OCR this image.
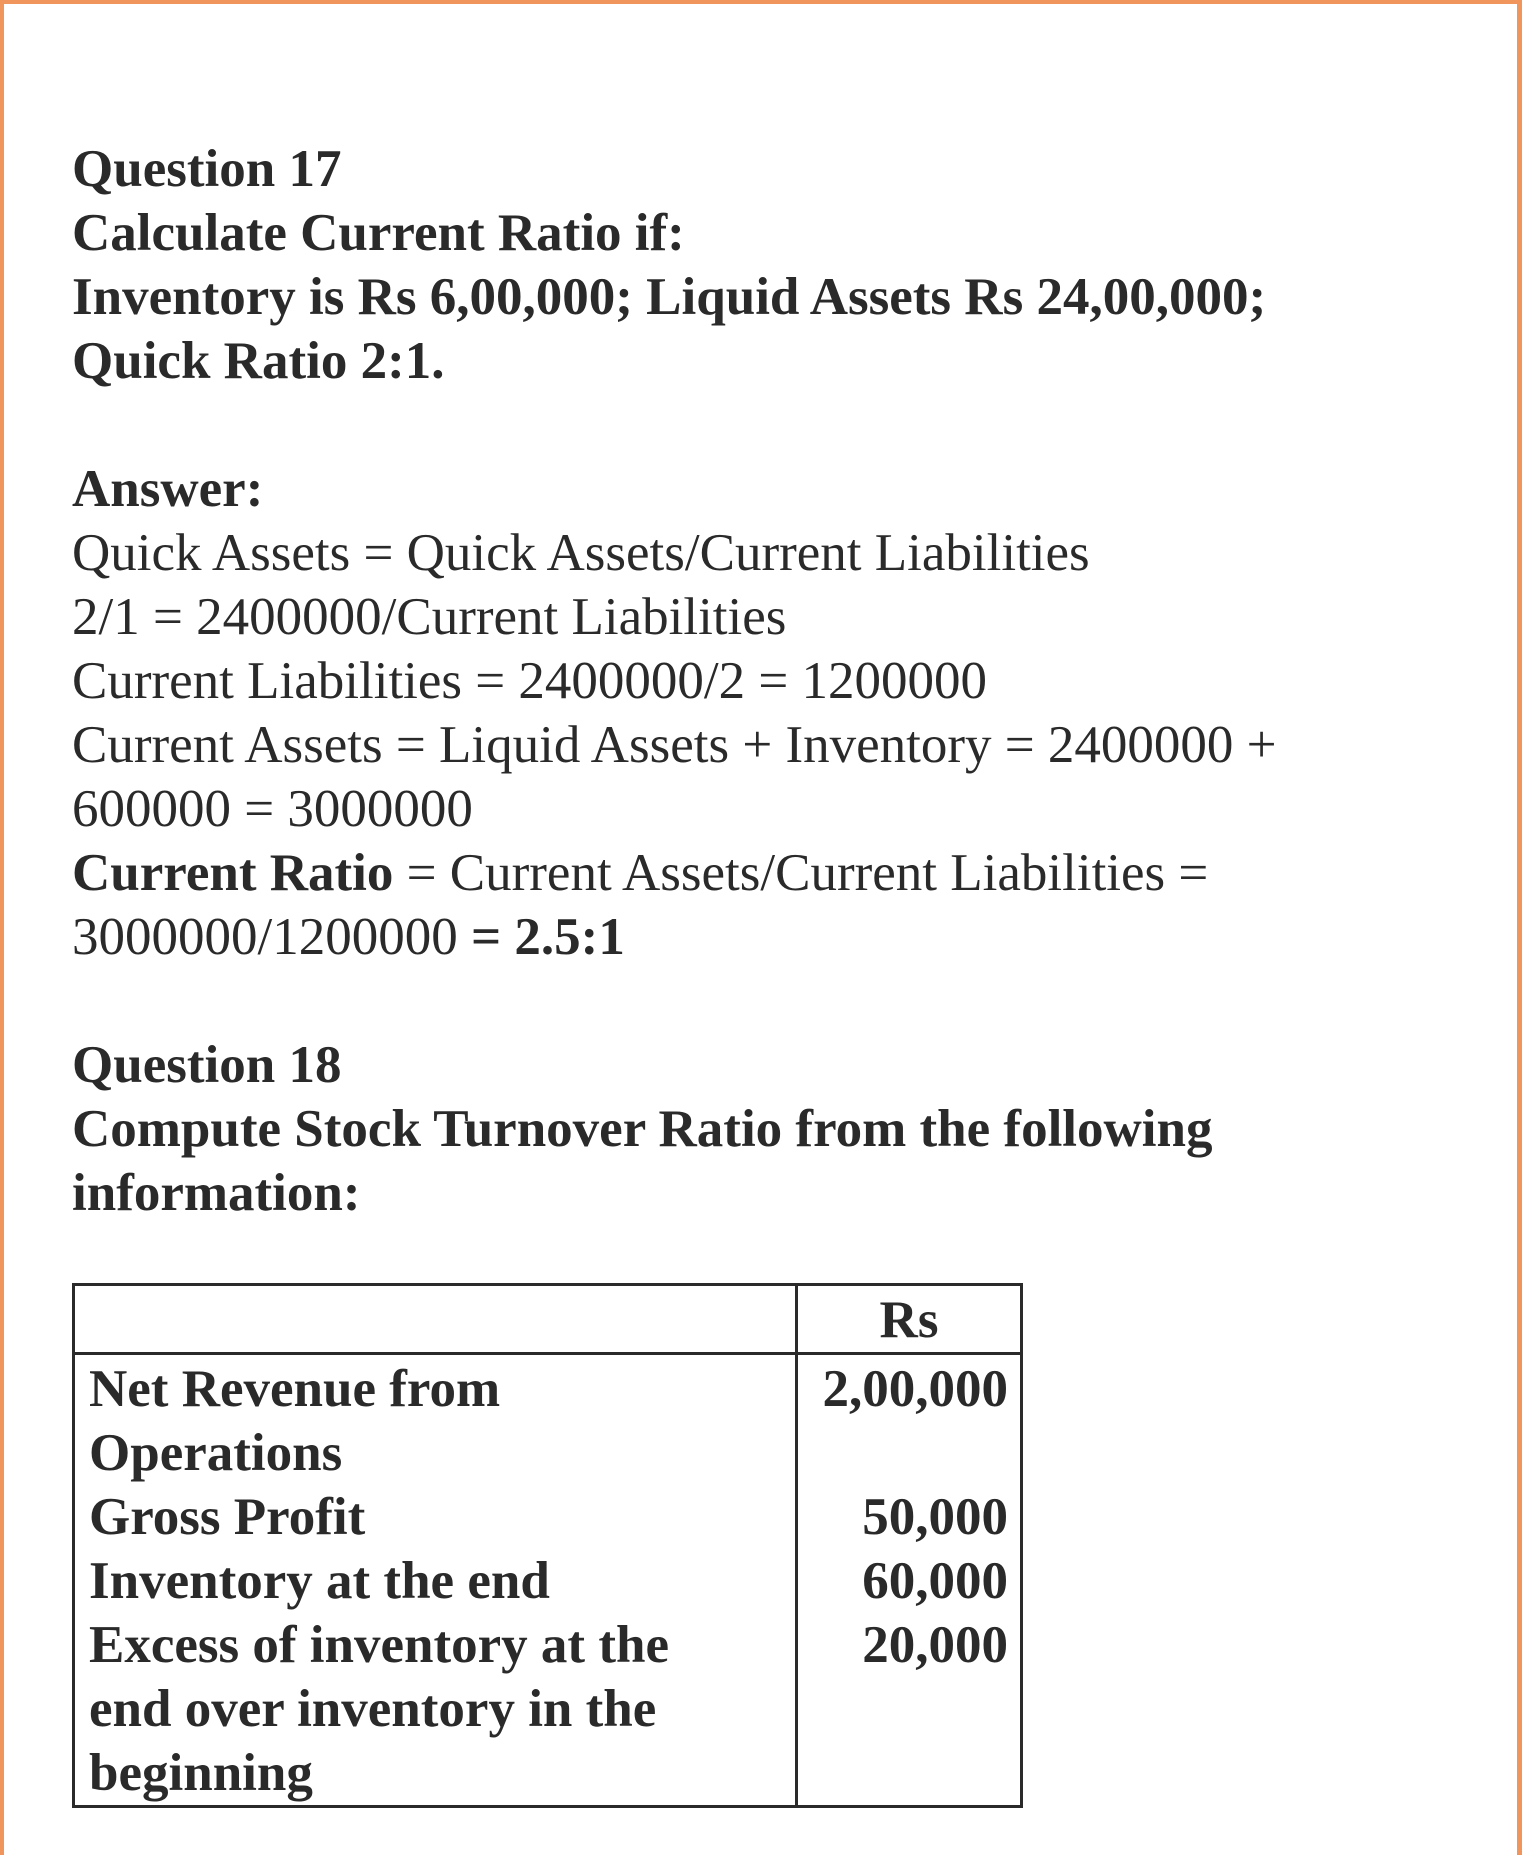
Question 17
Calculate Current Ratio if:
Inventory is Rs 6,00,000; Liquid Assets Rs 24,00,000;
Quick Ratio 2:1.
Answer:
Quick Assets = Quick Assets/Current Liabilities
2/1 = 2400000/Current Liabilities
Current Liabilities = 2400000/2 = 1200000
Current Assets = Liquid Assets + Inventory = 2400000 +
600000 = 3000000
Current Ratio = Current Assets/Current Liabilities =
3000000/1200000 = 2.5:1
Question 18
Compute Stock Turnover Ratio from the following
information:
	Rs

Net Revenue from
Operations	2,00,000

Gross Profit	50,000

Inventory at the end	60,000

Excess of inventory at the
end over inventory in the
beginning	20,000
